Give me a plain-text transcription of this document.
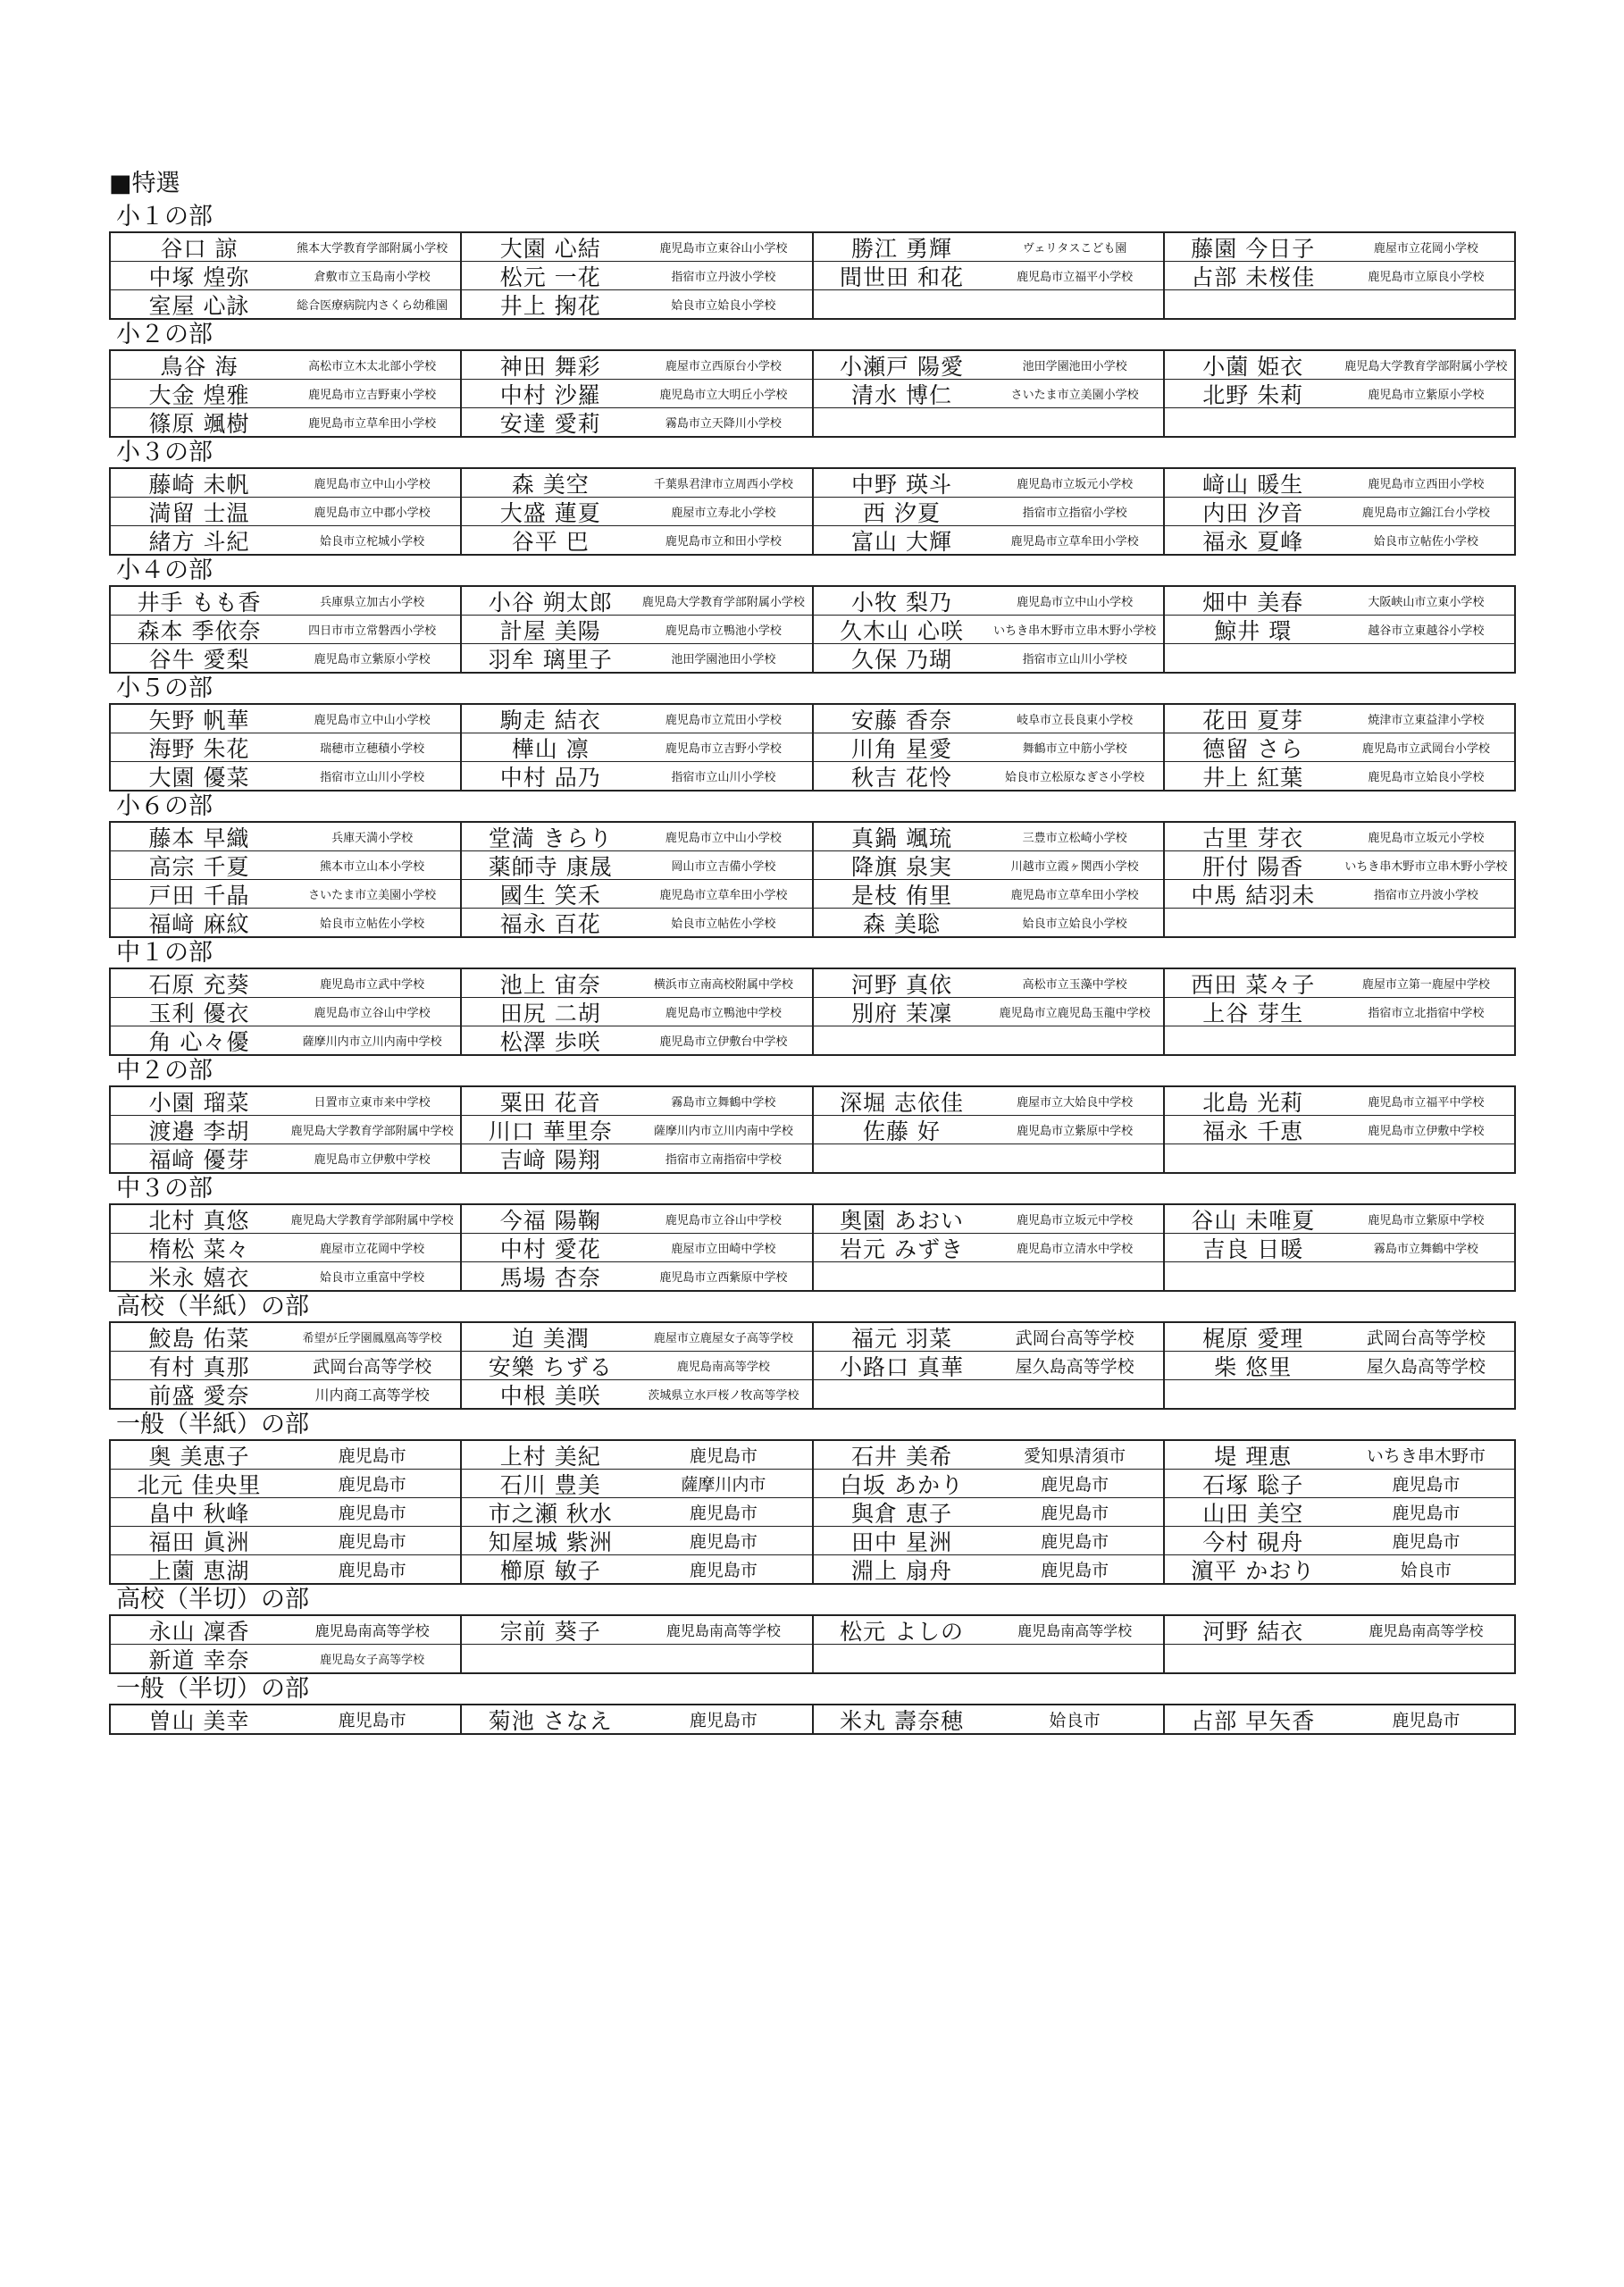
■特選
小１の部
谷口 諒	熊本大学教育学部附属小学校	大園 心結	鹿児島市立東谷山小学校	勝江 勇輝	ヴェリタスこども園	藤園 今日子	鹿屋市立花岡小学校
中塚 煌弥	倉敷市立玉島南小学校	松元 一花	指宿市立丹波小学校	間世田 和花	鹿児島市立福平小学校	占部 未桜佳	鹿児島市立原良小学校
室屋 心詠	総合医療病院内さくら幼稚園	井上 掬花	姶良市立姶良小学校
小２の部
鳥谷 海	高松市立木太北部小学校	神田 舞彩	鹿屋市立西原台小学校	小瀬戸 陽愛	池田学園池田小学校	小薗 姫衣	鹿児島大学教育学部附属小学校
大金 煌雅	鹿児島市立吉野東小学校	中村 沙羅	鹿児島市立大明丘小学校	清水 博仁	さいたま市立美園小学校	北野 朱莉	鹿児島市立紫原小学校
篠原 颯樹	鹿児島市立草牟田小学校	安達 愛莉	霧島市立天降川小学校
小３の部
藤崎 未帆	鹿児島市立中山小学校	森 美空	千葉県君津市立周西小学校	中野 瑛斗	鹿児島市立坂元小学校	﨑山 暖生	鹿児島市立西田小学校
満留 士温	鹿児島市立中郡小学校	大盛 蓮夏	鹿屋市立寿北小学校	西 汐夏	指宿市立指宿小学校	内田 汐音	鹿児島市立錦江台小学校
緒方 斗紀	姶良市立柁城小学校	谷平 巴	鹿児島市立和田小学校	富山 大輝	鹿児島市立草牟田小学校	福永 夏峰	姶良市立帖佐小学校
小４の部
井手 もも香	兵庫県立加古小学校	小谷 朔太郎	鹿児島大学教育学部附属小学校	小牧 梨乃	鹿児島市立中山小学校	畑中 美春	大阪峡山市立東小学校
森本 季依奈	四日市市立常磐西小学校	計屋 美陽	鹿児島市立鴨池小学校	久木山 心咲	いちき串木野市立串木野小学校	鯨井 環	越谷市立東越谷小学校
谷牛 愛梨	鹿児島市立紫原小学校	羽牟 璃里子	池田学園池田小学校	久保 乃瑚	指宿市立山川小学校
小５の部
矢野 帆華	鹿児島市立中山小学校	駒走 結衣	鹿児島市立荒田小学校	安藤 香奈	岐阜市立長良東小学校	花田 夏芽	焼津市立東益津小学校
海野 朱花	瑞穂市立穂積小学校	樺山 凛	鹿児島市立吉野小学校	川角 星愛	舞鶴市立中筋小学校	德留 さら	鹿児島市立武岡台小学校
大園 優菜	指宿市立山川小学校	中村 品乃	指宿市立山川小学校	秋吉 花怜	姶良市立松原なぎさ小学校	井上 紅葉	鹿児島市立姶良小学校
小６の部
藤本 早織	兵庫天満小学校	堂満 きらり	鹿児島市立中山小学校	真鍋 颯琉	三豊市立松崎小学校	古里 芽衣	鹿児島市立坂元小学校
高宗 千夏	熊本市立山本小学校	薬師寺 康晟	岡山市立吉備小学校	降旗 泉実	川越市立霞ヶ関西小学校	肝付 陽香	いちき串木野市立串木野小学校
戸田 千晶	さいたま市立美園小学校	國生 笑禾	鹿児島市立草牟田小学校	是枝 侑里	鹿児島市立草牟田小学校	中馬 結羽未	指宿市立丹波小学校
福﨑 麻紋	姶良市立帖佐小学校	福永 百花	姶良市立帖佐小学校	森 美聡	姶良市立姶良小学校
中１の部
石原 充葵	鹿児島市立武中学校	池上 宙奈	横浜市立南高校附属中学校	河野 真依	高松市立玉藻中学校	西田 菜々子	鹿屋市立第一鹿屋中学校
玉利 優衣	鹿児島市立谷山中学校	田尻 二胡	鹿児島市立鴨池中学校	別府 茉凜	鹿児島市立鹿児島玉龍中学校	上谷 芽生	指宿市立北指宿中学校
角 心々優	薩摩川内市立川内南中学校	松澤 歩咲	鹿児島市立伊敷台中学校
中２の部
小園 瑠菜	日置市立東市来中学校	粟田 花音	霧島市立舞鶴中学校	深堀 志依佳	鹿屋市立大姶良中学校	北島 光莉	鹿児島市立福平中学校
渡邉 李胡	鹿児島大学教育学部附属中学校	川口 華里奈	薩摩川内市立川内南中学校	佐藤 好	鹿児島市立紫原中学校	福永 千恵	鹿児島市立伊敷中学校
福﨑 優芽	鹿児島市立伊敷中学校	吉﨑 陽翔	指宿市立南指宿中学校
中３の部
北村 真悠	鹿児島大学教育学部附属中学校	今福 陽鞠	鹿児島市立谷山中学校	奥園 あおい	鹿児島市立坂元中学校	谷山 未唯夏	鹿児島市立紫原中学校
楕松 菜々	鹿屋市立花岡中学校	中村 愛花	鹿屋市立田崎中学校	岩元 みずき	鹿児島市立清水中学校	吉良 日暖	霧島市立舞鶴中学校
米永 嬉衣	姶良市立重富中学校	馬場 杏奈	鹿児島市立西紫原中学校
高校（半紙）の部
鮫島 佑菜	希望が丘学園鳳凰高等学校	迫 美潤	鹿屋市立鹿屋女子高等学校	福元 羽菜	武岡台高等学校	梶原 愛理	武岡台高等学校
有村 真那	武岡台高等学校	安樂 ちずる	鹿児島南高等学校	小路口 真華	屋久島高等学校	柴 悠里	屋久島高等学校
前盛 愛奈	川内商工高等学校	中根 美咲	茨城県立水戸桜ノ牧高等学校
一般（半紙）の部
奥 美恵子	鹿児島市	上村 美紀	鹿児島市	石井 美希	愛知県清須市	堤 理恵	いちき串木野市
北元 佳央里	鹿児島市	石川 豊美	薩摩川内市	白坂 あかり	鹿児島市	石塚 聡子	鹿児島市
畠中 秋峰	鹿児島市	市之瀬 秋水	鹿児島市	與倉 恵子	鹿児島市	山田 美空	鹿児島市
福田 眞洲	鹿児島市	知屋城 紫洲	鹿児島市	田中 星洲	鹿児島市	今村 硯舟	鹿児島市
上薗 恵湖	鹿児島市	櫛原 敏子	鹿児島市	淵上 扇舟	鹿児島市	濵平 かおり	姶良市
高校（半切）の部
永山 凜香	鹿児島南高等学校	宗前 葵子	鹿児島南高等学校	松元 よしの	鹿児島南高等学校	河野 結衣	鹿児島南高等学校
新道 幸奈	鹿児島女子高等学校
一般（半切）の部
曽山 美幸	鹿児島市	菊池 さなえ	鹿児島市	米丸 壽奈穂	姶良市	占部 早矢香	鹿児島市
